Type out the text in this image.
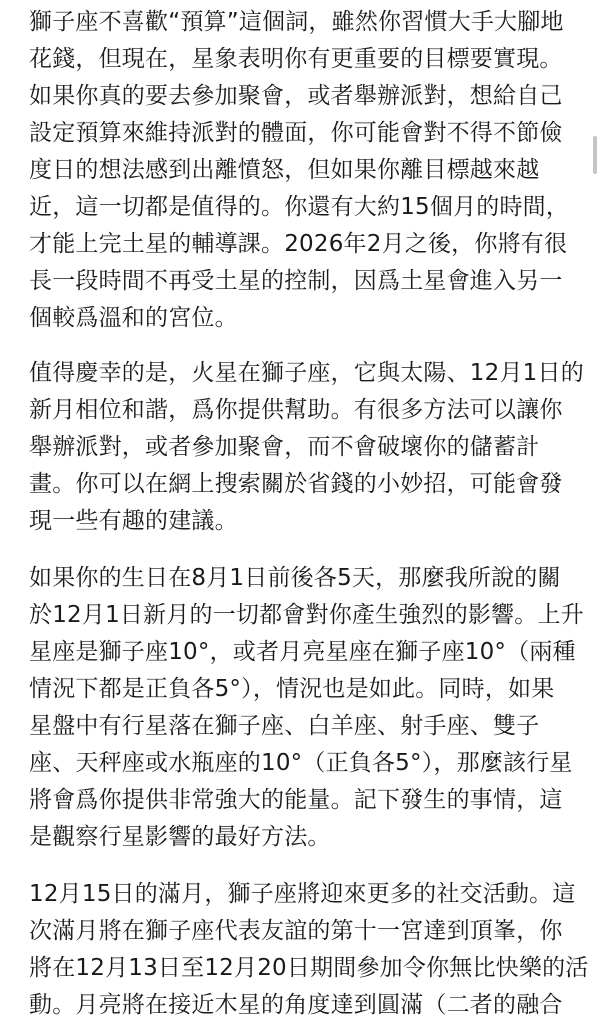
獅子座不喜歡“預算”這個詞，雖然你習慣大手大腳地
花錢，但現在，星象表明你有更重要的目標要實現。
如果你真的要去參加聚會，或者舉辦派對，想給自己
設定預算來維持派對的體面，你可能會對不得不節儉
度日的想法感到出離憤怒，但如果你離目標越來越
近，這一切都是值得的。你還有大約15個月的時間，
才能上完土星的輔導課。2026年2月之後，你將有很
長一段時間不再受土星的控制，因爲土星會進入另一
個較爲溫和的宮位。

值得慶幸的是，火星在獅子座，它與太陽、12月1日的
新月相位和諧，爲你提供幫助。有很多方法可以讓你
舉辦派對，或者參加聚會，而不會破壞你的儲蓄計
畫。你可以在網上搜索關於省錢的小妙招，可能會發
現一些有趣的建議。

如果你的生日在8月1日前後各5天，那麼我所說的關
於12月1日新月的一切都會對你產生強烈的影響。上升
星座是獅子座10°，或者月亮星座在獅子座10°（兩種
情況下都是正負各5°），情況也是如此。同時，如果
星盤中有行星落在獅子座、白羊座、射手座、雙子
座、天秤座或水瓶座的10°（正負各5°），那麼該行星
將會爲你提供非常強大的能量。記下發生的事情，這
是觀察行星影響的最好方法。

12月15日的滿月，獅子座將迎來更多的社交活動。這
次滿月將在獅子座代表友誼的第十一宮達到頂峯，你
將在12月13日至12月20日期間參加令你無比快樂的活
動。月亮將在接近木星的角度達到圓滿（二者的融合
